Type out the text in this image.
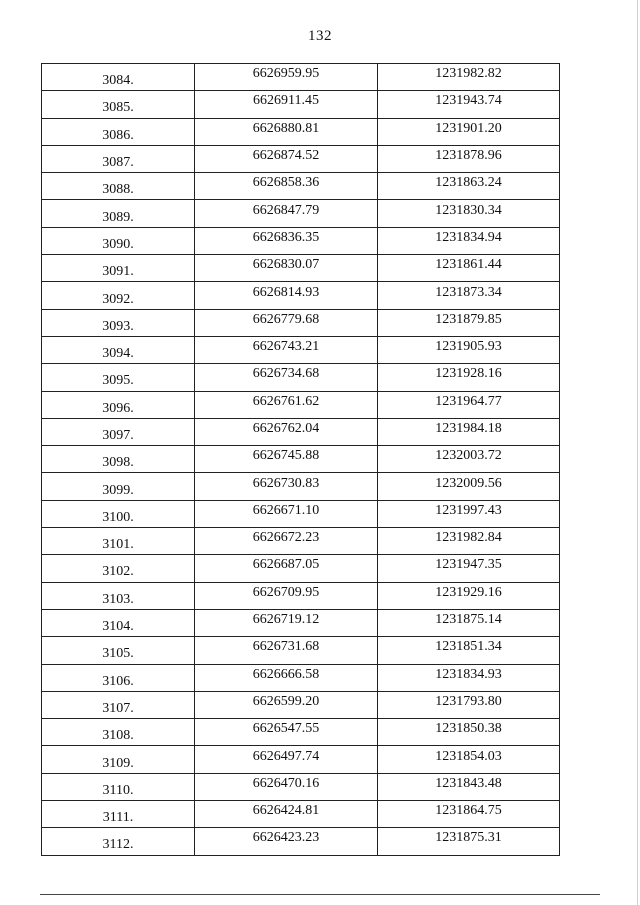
132
3084.	6626959.95	1231982.82
3085.	6626911.45	1231943.74
3086.	6626880.81	1231901.20
3087.	6626874.52	1231878.96
3088.	6626858.36	1231863.24
3089.	6626847.79	1231830.34
3090.	6626836.35	1231834.94
3091.	6626830.07	1231861.44
3092.	6626814.93	1231873.34
3093.	6626779.68	1231879.85
3094.	6626743.21	1231905.93
3095.	6626734.68	1231928.16
3096.	6626761.62	1231964.77
3097.	6626762.04	1231984.18
3098.	6626745.88	1232003.72
3099.	6626730.83	1232009.56
3100.	6626671.10	1231997.43
3101.	6626672.23	1231982.84
3102.	6626687.05	1231947.35
3103.	6626709.95	1231929.16
3104.	6626719.12	1231875.14
3105.	6626731.68	1231851.34
3106.	6626666.58	1231834.93
3107.	6626599.20	1231793.80
3108.	6626547.55	1231850.38
3109.	6626497.74	1231854.03
3110.	6626470.16	1231843.48
3111.	6626424.81	1231864.75
3112.	6626423.23	1231875.31
